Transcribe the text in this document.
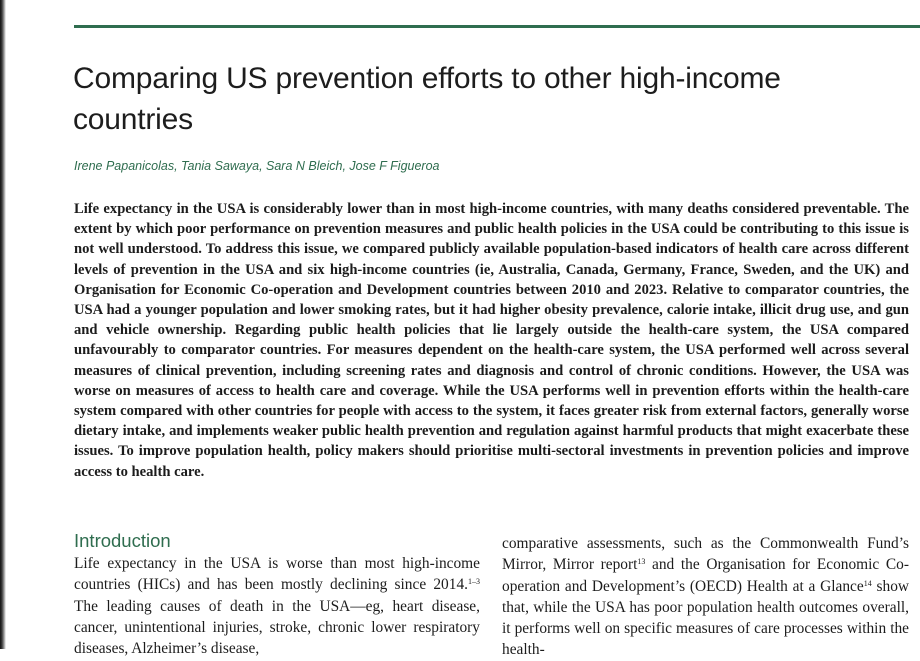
Comparing US prevention efforts to other high-income countries
Irene Papanicolas, Tania Sawaya, Sara N Bleich, Jose F Figueroa

Life expectancy in the USA is considerably lower than in most high-income countries, with many deaths considered preventable. The extent by which poor performance on prevention measures and public health policies in the USA could be contributing to this issue is not well understood. To address this issue, we compared publicly available population-based indicators of health care across different levels of prevention in the USA and six high-income countries (ie, Australia, Canada, Germany, France, Sweden, and the UK) and Organisation for Economic Co-operation and Development countries between 2010 and 2023. Relative to comparator countries, the USA had a younger population and lower smoking rates, but it had higher obesity prevalence, calorie intake, illicit drug use, and gun and vehicle ownership. Regarding public health policies that lie largely outside the health-care system, the USA compared unfavourably to comparator countries. For measures dependent on the health-care system, the USA performed well across several measures of clinical prevention, including screening rates and diagnosis and control of chronic conditions. However, the USA was worse on measures of access to health care and coverage. While the USA performs well in prevention efforts within the health-care system compared with other countries for people with access to the system, it faces greater risk from external factors, generally worse dietary intake, and implements weaker public health prevention and regulation against harmful products that might exacerbate these issues. To improve population health, policy makers should prioritise multi-sectoral investments in prevention policies and improve access to health care.

Introduction

Life expectancy in the USA is worse than most high-income countries (HICs) and has been mostly declining since 2014.$^{1-3}$ The leading causes of death in the USA—eg, heart disease, cancer, unintentional injuries, stroke, chronic lower respiratory diseases, Alzheimer’s disease,

comparative assessments, such as the Commonwealth Fund’s Mirror, Mirror report$^{13}$ and the Organisation for Economic Co-operation and Development’s (OECD) Health at a Glance$^{14}$ show that, while the USA has poor population health outcomes overall, it performs well on specific measures of care processes within the health-
